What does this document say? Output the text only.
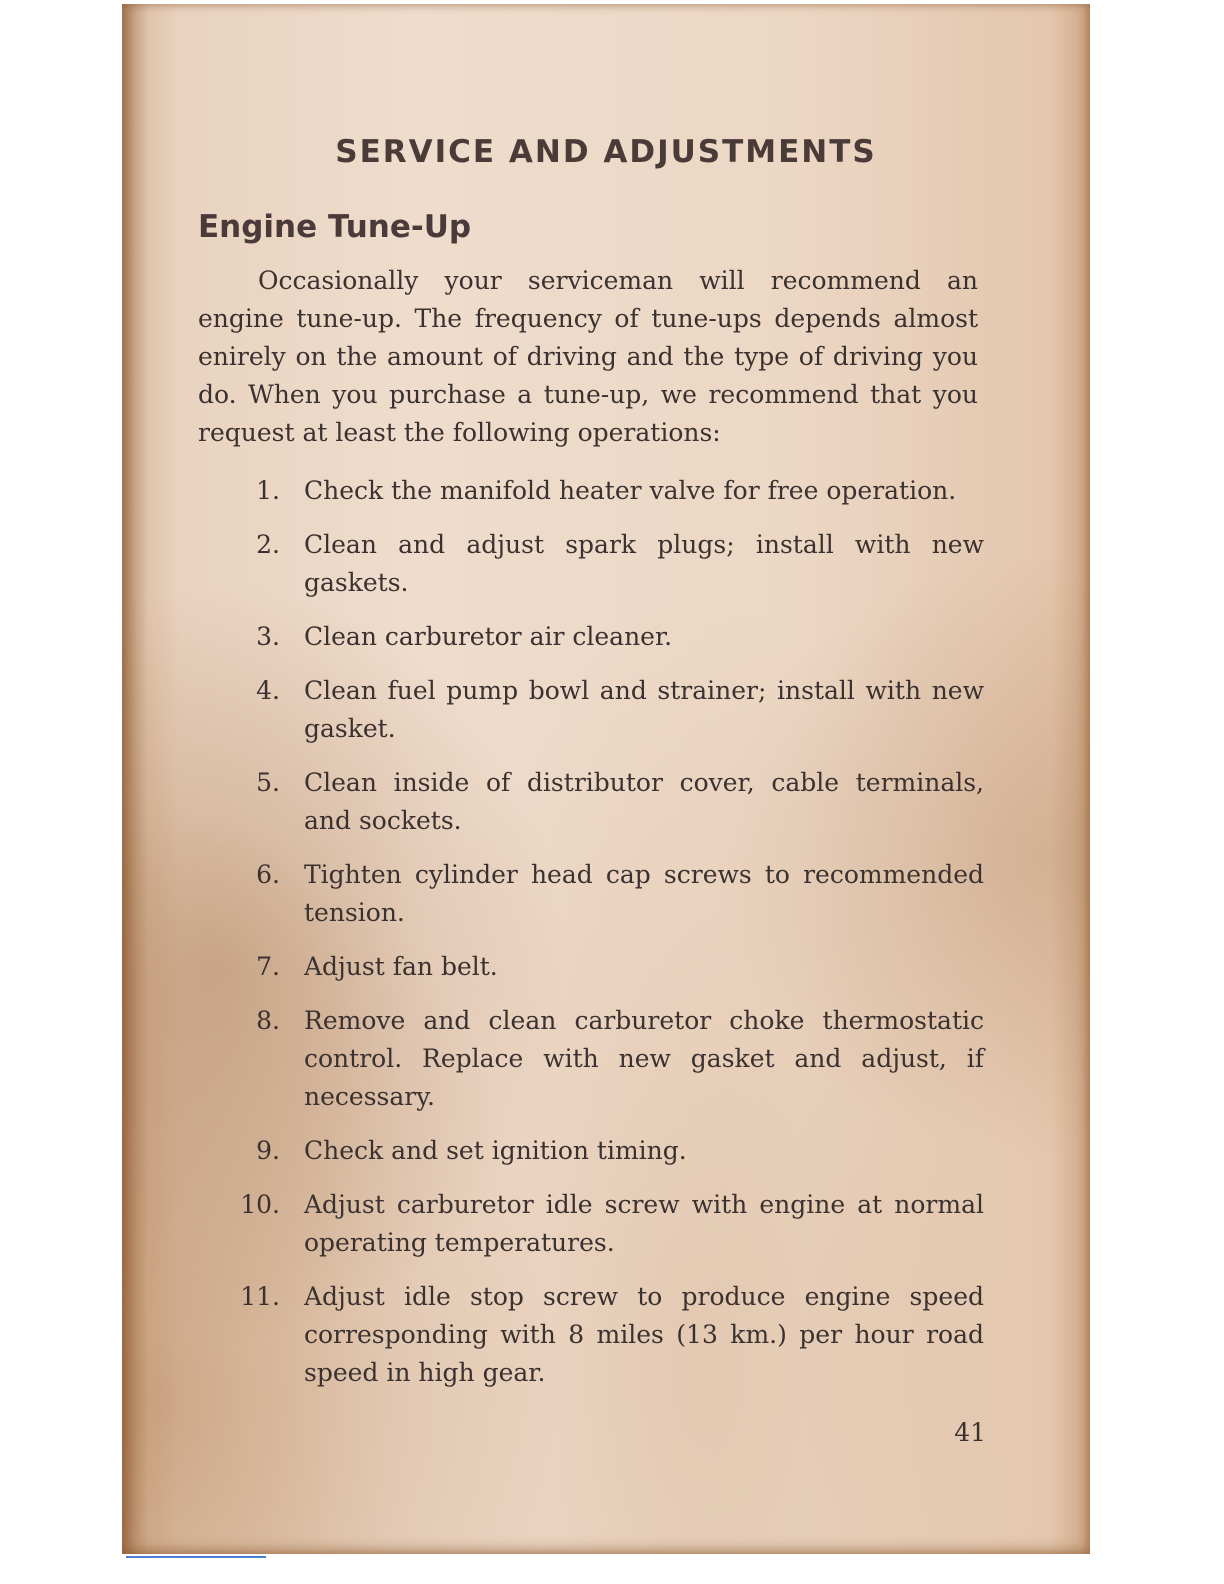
SERVICE AND ADJUSTMENTS
Engine Tune-Up

Occasionally your serviceman will recommend an engine tune-up. The frequency of tune-ups depends almost enirely on the amount of driving and the type of driving you do. When you purchase a tune-up, we recommend that you request at least the following operations:

1. Check the manifold heater valve for free operation.
2. Clean and adjust spark plugs; install with new gaskets.
3. Clean carburetor air cleaner.
4. Clean fuel pump bowl and strainer; install with new gasket.
5. Clean inside of distributor cover, cable terminals, and sockets.
6. Tighten cylinder head cap screws to recommended tension.
7. Adjust fan belt.
8. Remove and clean carburetor choke thermostatic control. Replace with new gasket and adjust, if necessary.
9. Check and set ignition timing.
10. Adjust carburetor idle screw with engine at normal operating temperatures.
11. Adjust idle stop screw to produce engine speed corresponding with 8 miles (13 km.) per hour road speed in high gear.
41
